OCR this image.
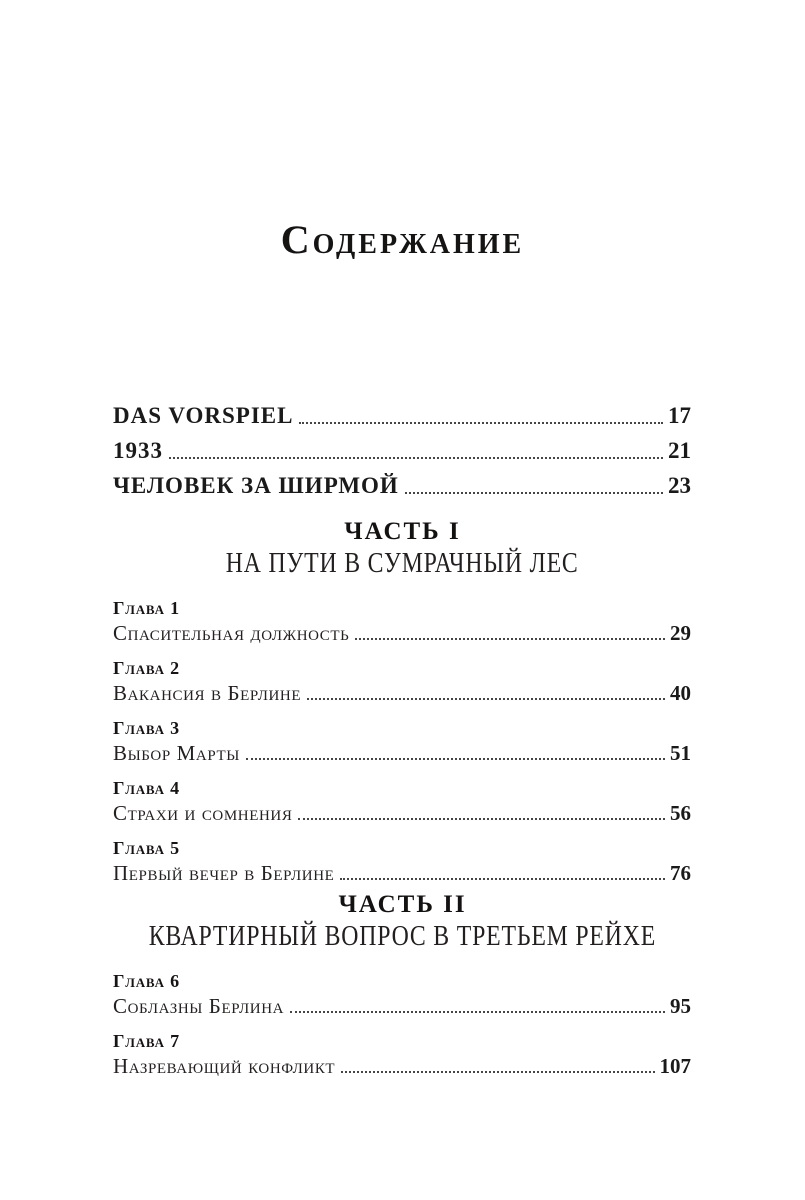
Содержание
DAS VORSPIEL	17
1933	21
ЧЕЛОВЕК ЗА ШИРМОЙ	23
ЧАСТЬ I
НА ПУТИ В СУМРАЧНЫЙ ЛЕС
Глава 1
Спасительная должность	29
Глава 2
Вакансия в Берлине	40
Глава 3
Выбор Марты	51
Глава 4
Страхи и сомнения	56
Глава 5
Первый вечер в Берлине	76
ЧАСТЬ II
КВАРТИРНЫЙ ВОПРОС В ТРЕТЬЕМ РЕЙХЕ
Глава 6
Соблазны Берлина	95
Глава 7
Назревающий конфликт	107
